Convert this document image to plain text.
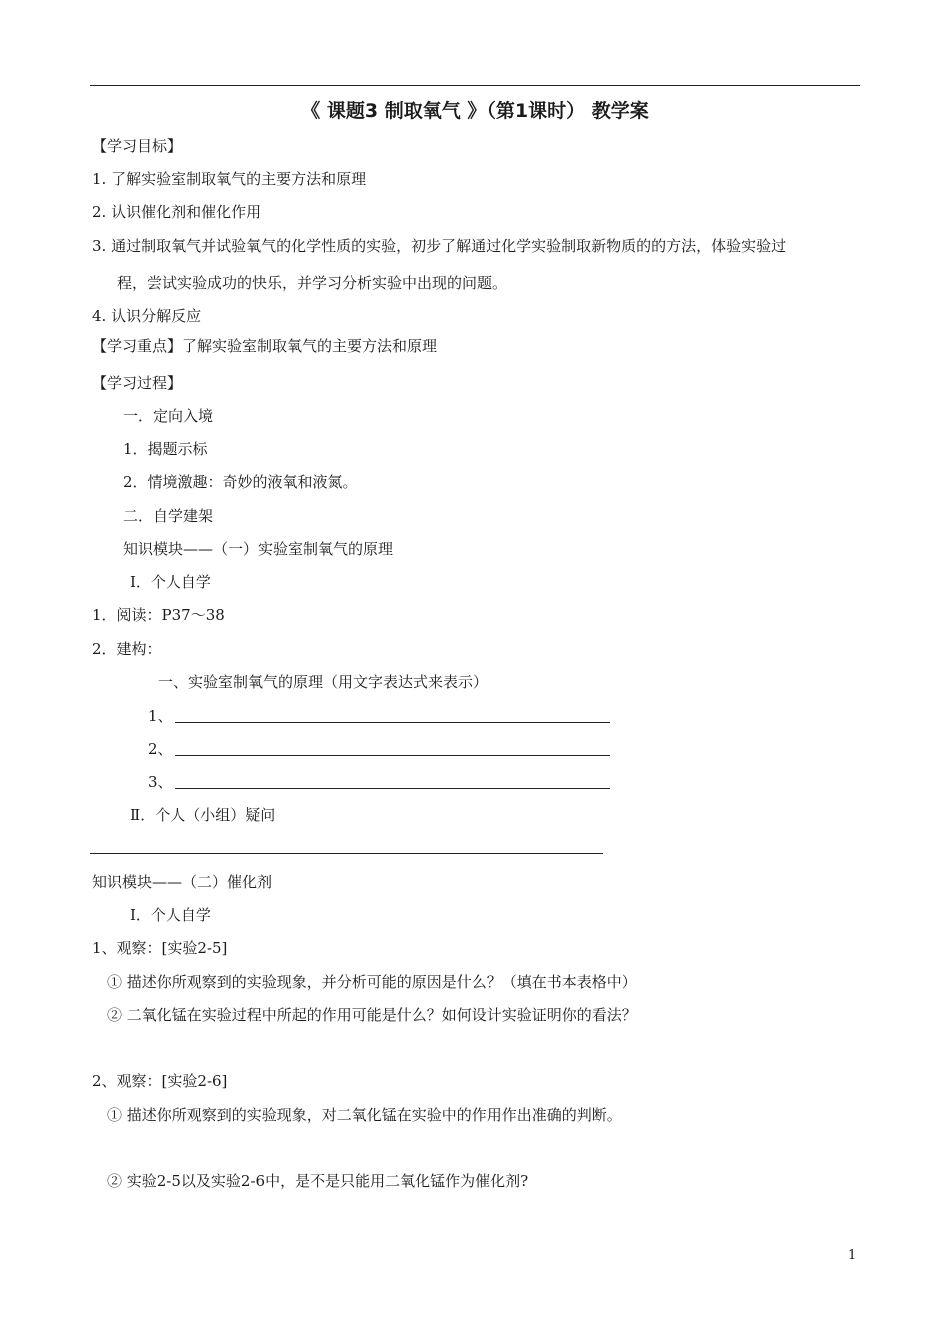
《 课题3 制取氧气 》（第1课时） 教学案
【学习目标】
1. 了解实验室制取氧气的主要方法和原理
2. 认识催化剂和催化作用
3. 通过制取氧气并试验氧气的化学性质的实验，初步了解通过化学实验制取新物质的的方法，体验实验过
程，尝试实验成功的快乐，并学习分析实验中出现的问题。
4. 认识分解反应
【学习重点】了解实验室制取氧气的主要方法和原理
【学习过程】
一．定向入境
1．揭题示标
2．情境激趣：奇妙的液氧和液氮。
二．自学建架
知识模块——（一）实验室制氧气的原理
Ⅰ．个人自学
1．阅读：P37～38
2．建构：
一、实验室制氧气的原理（用文字表达式来表示）
1、
2、
3、
Ⅱ．个人（小组）疑问
知识模块——（二）催化剂
Ⅰ．个人自学
1、观察：[实验2-5]
① 描述你所观察到的实验现象，并分析可能的原因是什么？（填在书本表格中）
② 二氧化锰在实验过程中所起的作用可能是什么？如何设计实验证明你的看法？
2、观察：[实验2-6]
① 描述你所观察到的实验现象，对二氧化锰在实验中的作用作出准确的判断。
② 实验2-5以及实验2-6中，是不是只能用二氧化锰作为催化剂?
1
